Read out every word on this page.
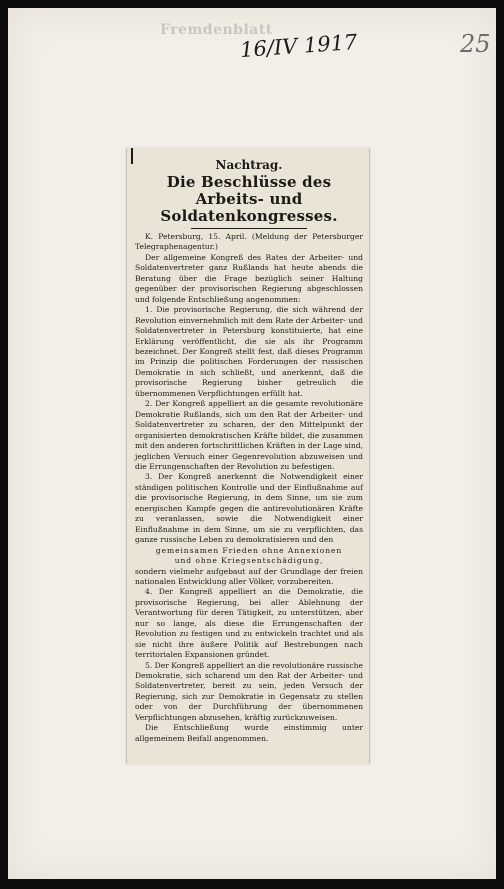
Fremdenblatt
16/IV 1917	25
Nachtrag.
Die Beschlüsse des Arbeits- und
Soldatenkongresses.

K. Petersburg, 15. April. (Meldung der Petersburger Telegraphenagentur.)

Der allgemeine Kongreß des Rates der Arbeiter- und Soldatenvertreter ganz Rußlands hat heute abends die Beratung über die Frage bezüglich seiner Haltung gegenüber der provisorischen Regierung abgeschlossen und folgende Entschließung angenommen:

1. Die provisorische Regierung, die sich während der Revolution einvernehmlich mit dem Rate der Arbeiter- und Soldatenvertreter in Petersburg konstituierte, hat eine Erklärung veröffentlicht, die sie als ihr Programm bezeichnet. Der Kongreß stellt fest, daß dieses Programm im Prinzip die politischen Forderungen der russischen Demokratie in sich schließt, und anerkennt, daß die provisorische Regierung bisher getreulich die übernommenen Verpflichtungen erfüllt hat.

2. Der Kongreß appelliert an die gesamte revolutionäre Demokratie Rußlands, sich um den Rat der Arbeiter- und Soldatenvertreter zu scharen, der den Mittelpunkt der organisierten demokratischen Kräfte bildet, die zusammen mit den anderen fortschrittlichen Kräften in der Lage sind, jeglichen Versuch einer Gegenrevolution abzuweisen und die Errungenschaften der Revolution zu befestigen.

3. Der Kongreß anerkennt die Notwendigkeit einer ständigen politischen Kontrolle und der Einflußnahme auf die provisorische Regierung, in dem Sinne, um sie zum energischen Kampfe gegen die antirevolutionären Kräfte zu veranlassen, sowie die Notwendigkeit einer Einflußnahme in dem Sinne, um sie zu verpflichten, das ganze russische Leben zu demokratisieren und den

gemeinsamen Frieden ohne Annexionen

und ohne Kriegsentschädigung,

sondern vielmehr aufgebaut auf der Grundlage der freien nationalen Entwicklung aller Völker, vorzubereiten.

4. Der Kongreß appelliert an die Demokratie, die provisorische Regierung, bei aller Ablehnung der Verantwortung für deren Tätigkeit, zu unterstützen, aber nur so lange, als diese die Errungenschaften der Revolution zu festigen und zu entwickeln trachtet und als sie nicht ihre äußere Politik auf Bestrebungen nach territorialen Expansionen gründet.

5. Der Kongreß appelliert an die revolutionäre russische Demokratie, sich scharend um den Rat der Arbeiter- und Soldatenvertreter, bereit zu sein, jeden Versuch der Regierung, sich zur Demokratie in Gegensatz zu stellen oder von der Durchführung der übernommenen Verpflichtungen abzusehen, kräftig zurückzuweisen.

Die Entschließung wurde einstimmig unter allgemeinem Beifall angenommen.
